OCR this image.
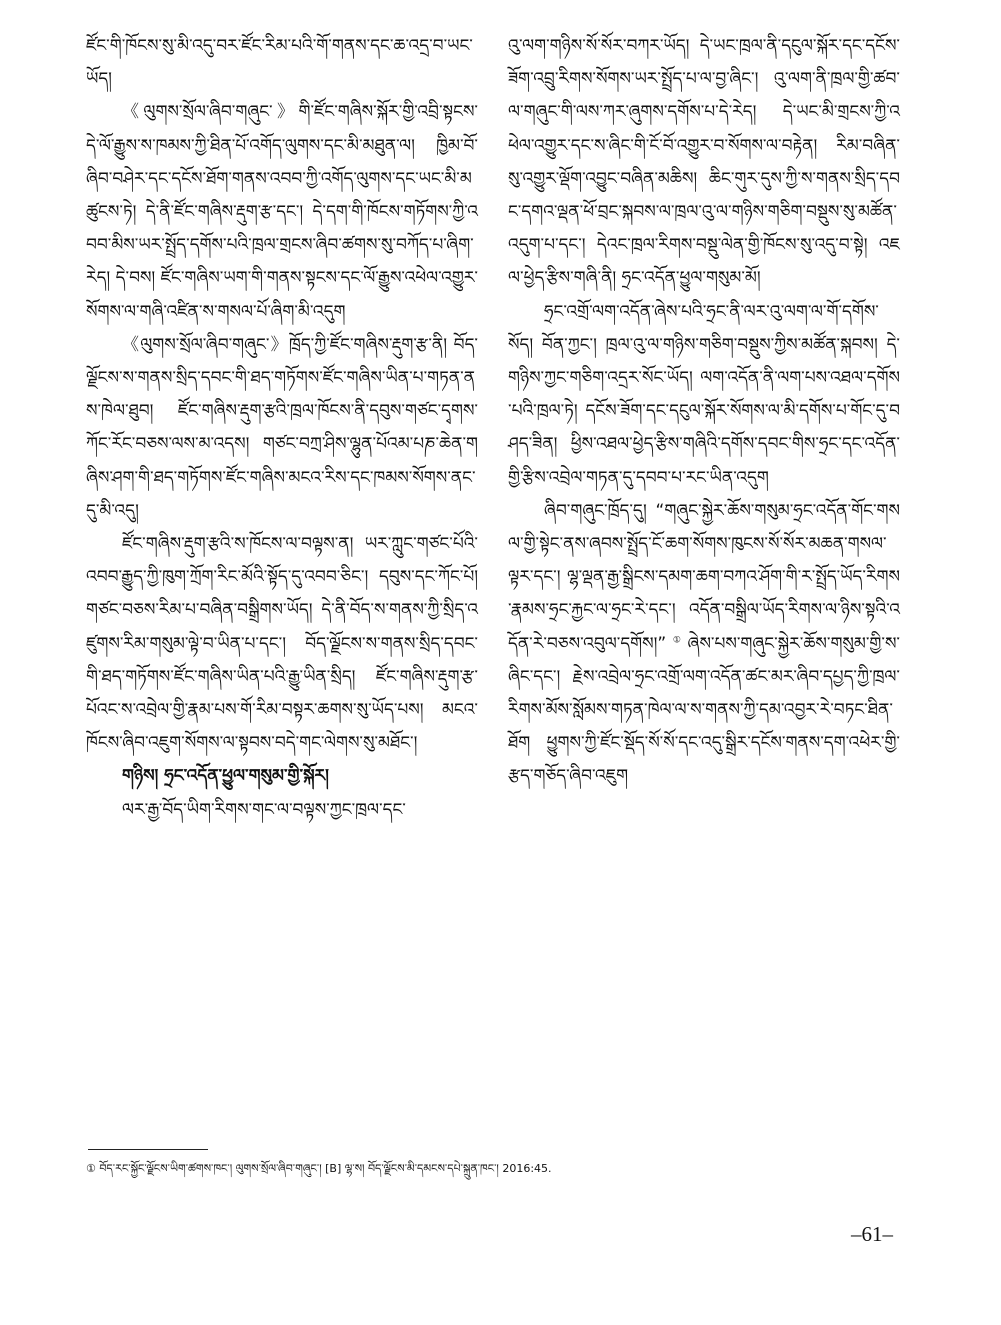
ཛོང་གི་ཁོངས་སུ་མི་འདུ་བར་ཛོང་རིམ་པའི་གོ་གནས་དང་ཆ་འདྲ་བ་ཡང་ཡོད།

《ལུགས་སྲོལ་ཞིབ་གཞུང་》གི་ཛོང་གཞིས་སྐོར་གྱི་འབྲི་སྟངས་དེ་ལོ་རྒྱུས་ས་ཁམས་ཀྱི་ཐིན་པོ་འགོད་ལུགས་དང་མི་མཐུན་ལ། ཁྱིམ་བོ་ཞིབ་བཤེར་དང་དངོས་ཐོག་གནས་འབབ་ཀྱི་འགོད་ལུགས་དང་ཡང་མི་མཚུངས་ཏེ། དེ་ནི་ཛོང་གཞིས་རྡུག་རྩ་དང་། དེ་དག་གི་ཁོངས་གཏོགས་ཀྱི་འབབ་མིས་ཡར་སྤྲོད་དགོས་པའི་ཁྲལ་གྲངས་ཞིབ་ཚགས་སུ་བཀོད་པ་ཞིག་རེད། དེ་བས། ཛོང་གཞིས་ཡག་གི་གནས་སྟངས་དང་ལོ་རྒྱུས་འཕེལ་འགྱུར་སོགས་ལ་གཞི་འཛིན་ས་གསལ་པོ་ཞིག་མི་འདུག

《ལུགས་སྲོལ་ཞིབ་གཞུང་》ཁྲོད་ཀྱི་ཛོང་གཞིས་རྡུག་རྩ་ནི། བོད་ལྗོངས་ས་གནས་སྲིད་དབང་གི་ཐད་གཏོགས་ཛོང་གཞིས་ཡིན་པ་གཏན་ནས་ཁེལ་ཐུབ། ཛོང་གཞིས་རྡུག་རྩའི་ཁྲལ་ཁོངས་ནི་དབུས་གཙང་དྭགས་ཀོང་རོང་བཅས་ལས་མ་འདས། གཙང་བཀྲ་ཤིས་ལྷུན་པོའམ་པཎ་ཆེན་གཞིས་ཤག་གི་ཐད་གཏོགས་ཛོང་གཞིས་མངའ་རིས་དང་ཁམས་སོགས་ནང་དུ་མི་འདུ།

ཛོང་གཞིས་རྡུག་རྩའི་ས་ཁོངས་ལ་བལྟས་ན། ཡར་ཀླུང་གཙང་པོའི་འབབ་རྒྱུད་ཀྱི་ཁུག་ཀྲོག་རིང་མོའི་སྟོད་དུ་འབབ་ཅིང་། དབུས་དང་ཀོང་པོ། གཙང་བཅས་རིམ་པ་བཞིན་བསྒྲིགས་ཡོད། དེ་ནི་བོད་ས་གནས་ཀྱི་སྲིད་འཛུགས་རིམ་གསུམ་ལྟེ་བ་ཡིན་པ་དང་། བོད་ལྗོངས་ས་གནས་སྲིད་དབང་གི་ཐད་གཏོགས་ཛོང་གཞིས་ཡིན་པའི་རྒྱུ་ཡིན་སྲིད། ཛོང་གཞིས་རྡུག་རྩ་པོའང་ས་འབྲེལ་གྱི་རྣམ་པས་གོ་རིམ་བསྟར་ཆགས་སུ་ཡོད་པས། མངའ་ཁོངས་ཞིབ་འཇུག་སོགས་ལ་སྟབས་བདེ་གང་ལེགས་སུ་མཐོང་།

གཉིས། ཧྲང་འདོན་ཕྱུལ་གསུམ་གྱི་སྐོར།

ལར་རྒྱ་བོད་ཡིག་རིགས་གང་ལ་བལྟས་ཀྱང་ཁྲལ་དང་

འུ་ལག་གཉིས་སོ་སོར་བཀར་ཡོད། དེ་ཡང་ཁྲལ་ནི་དངུལ་སྐོར་དང་དངོས་ཟོག་འབྲུ་རིགས་སོགས་ཡར་སྤྲོད་པ་ལ་བྱ་ཞིང་། འུ་ལག་ནི་ཁྲལ་གྱི་ཚབ་ལ་གཞུང་གི་ལས་ཀར་ཞུགས་དགོས་པ་དེ་རེད། དེ་ཡང་མི་གྲངས་ཀྱི་འཕེལ་འགྱུར་དང་ས་ཞིང་གི་ངོ་བོ་འགྱུར་བ་སོགས་ལ་བརྟེན། རིམ་བཞིན་སུ་འགྱུར་ལྡོག་འབྱུང་བཞིན་མཆིས། ཆིང་གུར་དུས་ཀྱི་ས་གནས་སྲིད་དབང་དགའ་ལྡན་ཕོ་བྲང་སྐབས་ལ་ཁྲལ་འུ་ལ་གཉིས་གཅིག་བསྡུས་སུ་མཚོན་འདུག་པ་དང་། དེའང་ཁྲལ་རིགས་བསྡུ་ལེན་གྱི་ཁོངས་སུ་འདུ་བ་སྟེ། འཇལ་ཕྱེད་རྩིས་གཞི་ནི། ཧྲང་འདོན་ཕྱུལ་གསུམ་མོ།

ཧྲང་འགྲོ་ལག་འདོན་ཞེས་པའི་ཧྲང་ནི་ལར་འུ་ལག་ལ་གོ་དགོས་སོད། བོན་ཀྱང་། ཁྲལ་འུ་ལ་གཉིས་གཅིག་བསྡུས་ཀྱིས་མཚོན་སྐབས། དེ་གཉིས་ཀྱང་གཅིག་འདྲར་སོང་ཡོད། ལག་འདོན་ནི་ལག་པས་འཐལ་དགོས་པའི་ཁྲལ་ཏེ། དངོས་ཟོག་དང་དངུལ་སྐོར་སོགས་ལ་མི་དགོས་པ་གོང་དུ་བཤད་ཟིན། ཕྱིས་འཐལ་ཕྱེད་རྩིས་གཞིའི་དགོས་དབང་གིས་ཧྲང་དང་འདོན་གྱི་རྩིས་འབྲེལ་གཏན་དུ་དབབ་པ་རང་ཡིན་འདུག

ཞིབ་གཞུང་ཁྲོད་དུ། “གཞུང་སྐྱེར་ཆོས་གསུམ་ཧྲང་འདོན་གོང་གསལ་གྱི་སྟེང་ནས་ཞབས་སྤྲོད་ངོ་ཆག་སོགས་ཁུངས་སོ་སོར་མཆན་གསལ་ལྟར་དང་། ལྷ་ལྡན་རྒྱ་སྒྲིངས་དམག་ཆག་བཀའ་ཤོག་གི་ར་སྤྲོད་ཡོད་རིགས་རྣམས་ཧྲང་རྐྱང་ལ་ཧྲང་རེ་དང་། འདོན་བསྒྲིལ་ཡོད་རིགས་ལ་ཉིས་སྟའི་འདོན་རེ་བཅས་འབུལ་དགོས།”①ཞེས་པས་གཞུང་སྐྱེར་ཆོས་གསུམ་གྱི་ས་ཞིང་དང་། རྗེས་འབྲེལ་ཧྲང་འགྲོ་ལག་འདོན་ཚང་མར་ཞིབ་དཔྱད་ཀྱི་ཁྲལ་རིགས་མོས་སློམས་གཏན་ཁེལ་ལ་ས་གནས་ཀྱི་དམ་འབྱར་རེ་བཏང་ཐིན་ཐོག ཕྱུགས་ཀྱི་ཛོང་སྡོད་སོ་སོ་དང་འདུ་སྒྲིར་དངོས་གནས་དག་འཕེར་གྱི་རྩད་གཅོད་ཞིབ་འཇུག

① བོད་རང་སྐྱོང་ལྗོངས་ཡིག་ཚགས་ཁང་། ལུགས་སྲོལ་ཞིབ་གཞུང་། [B] ལྷ་ས། བོད་ལྗོངས་མི་དམངས་དཔེ་སྐྲུན་ཁང་། 2016:45.
–61–
